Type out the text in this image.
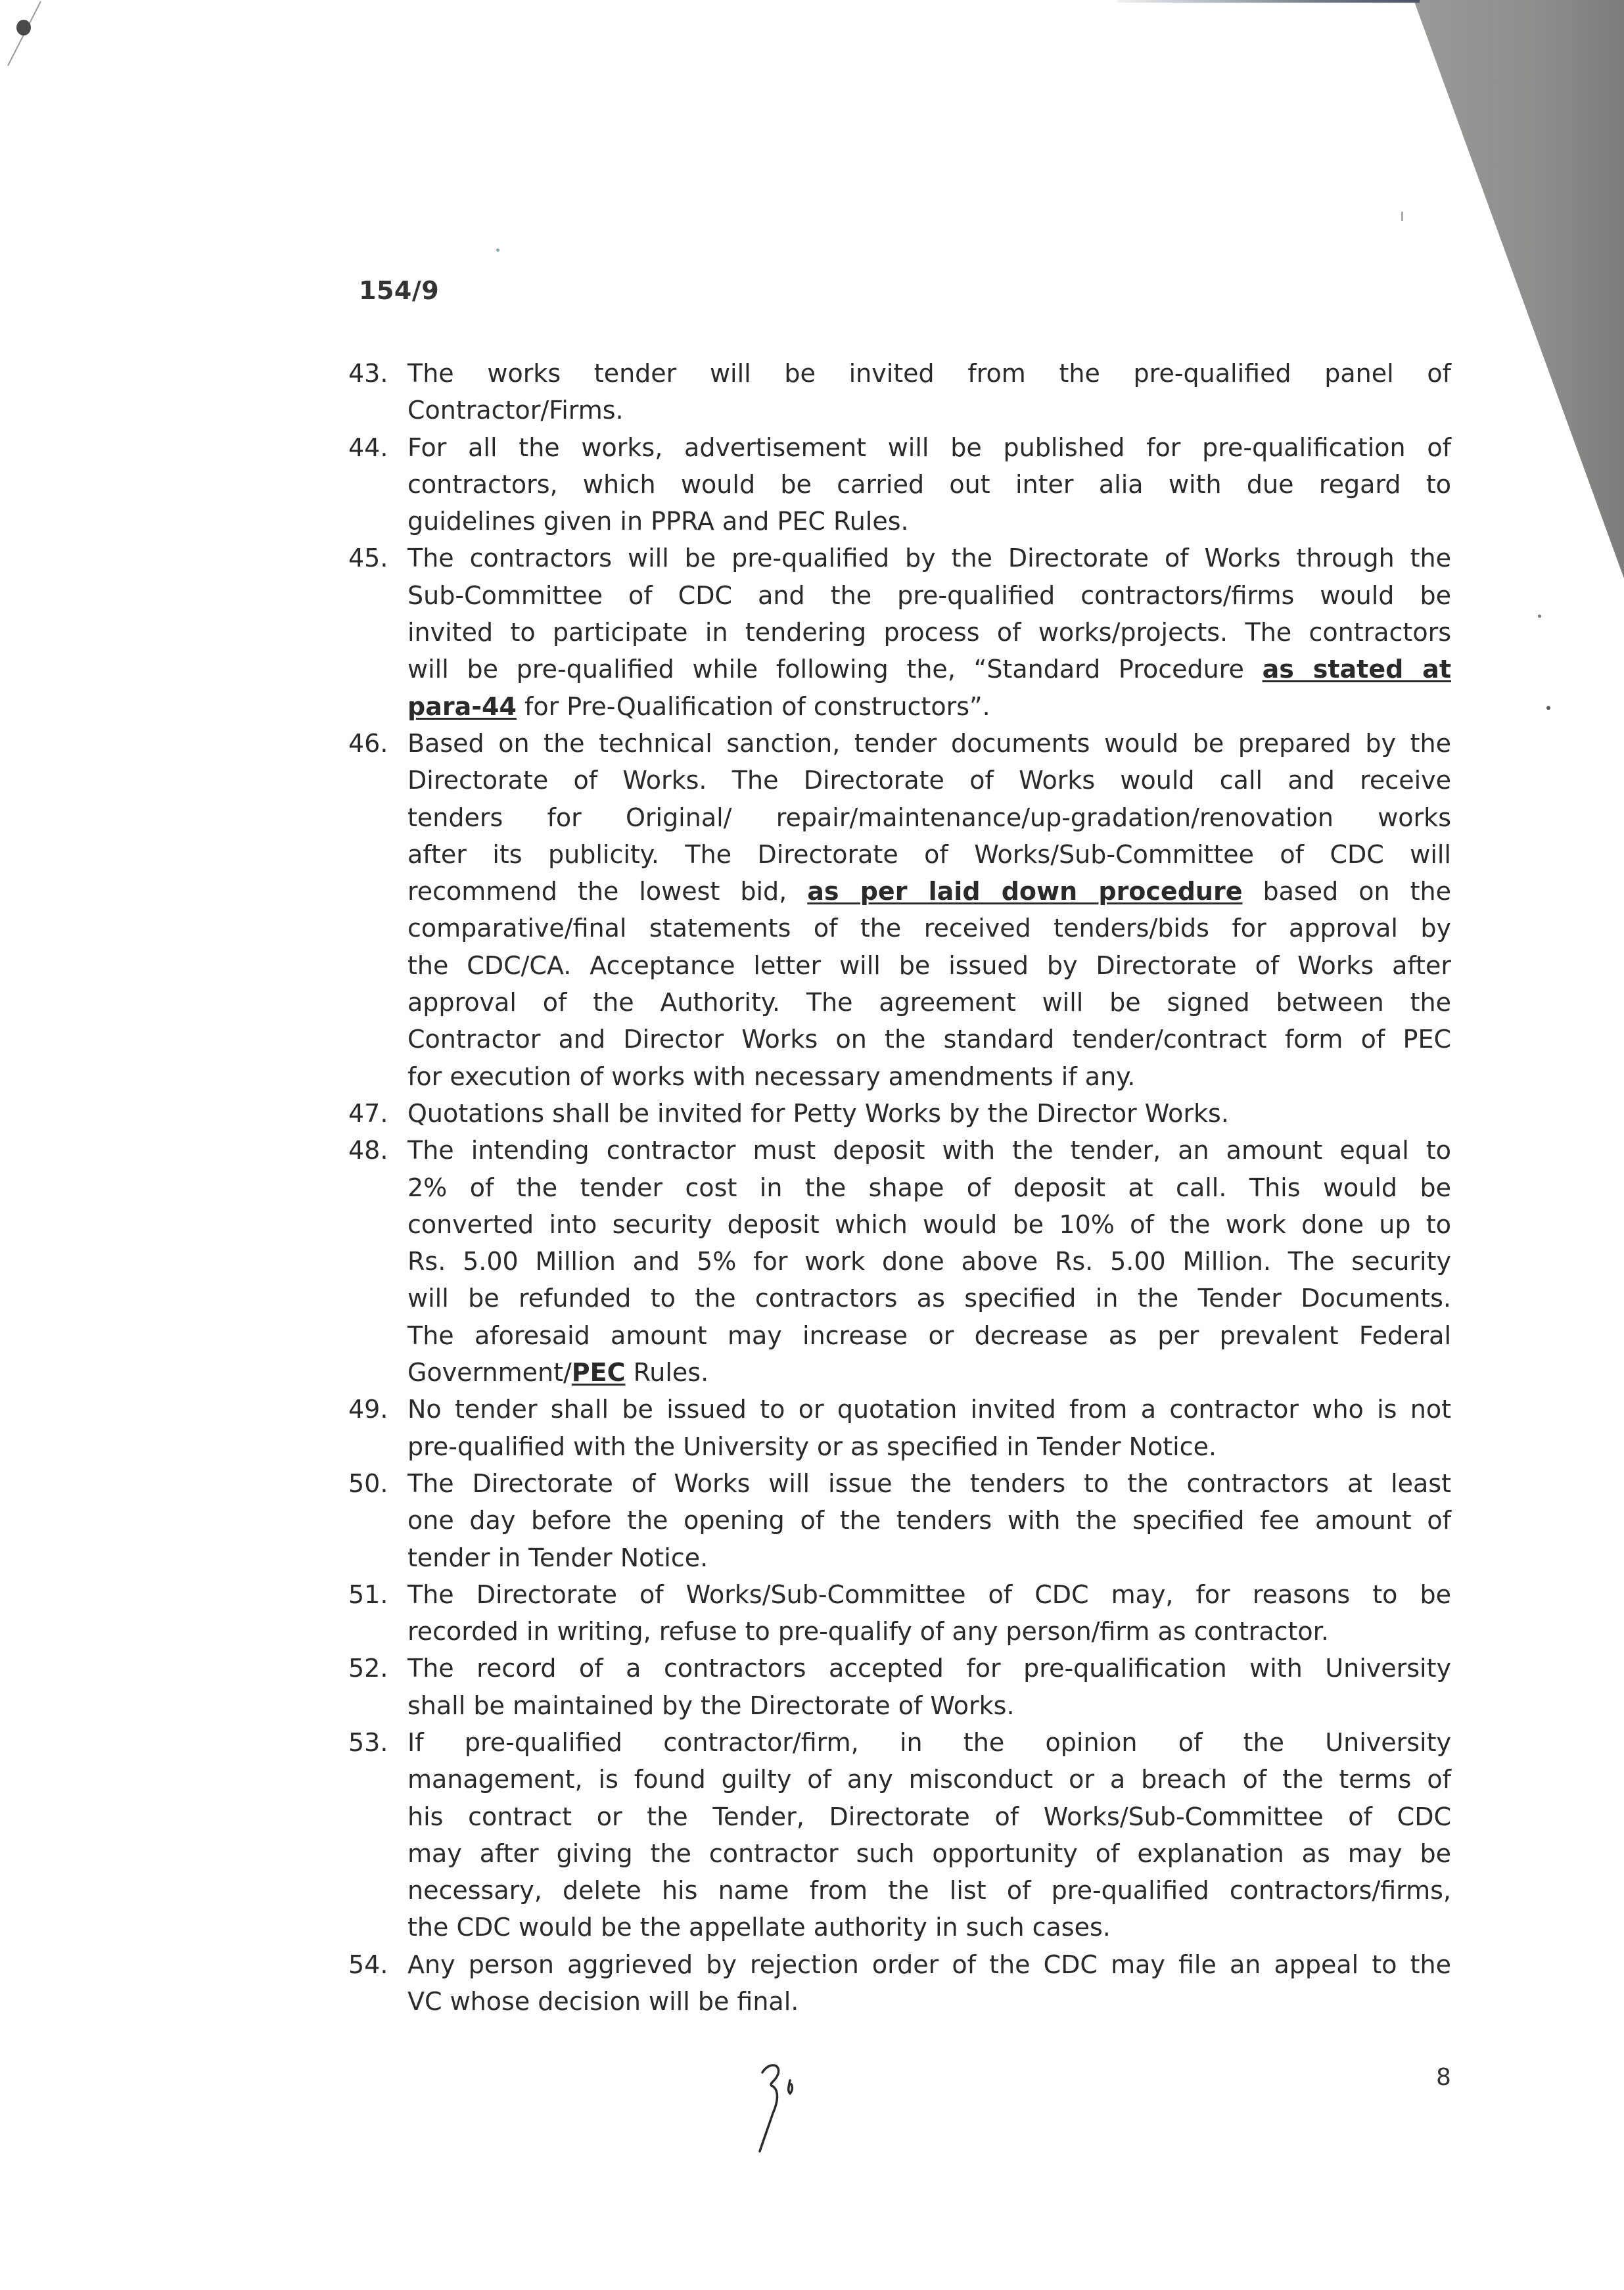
154/9
43. The works tender will be invited from the pre-qualified panel of
Contractor/Firms.
44. For all the works, advertisement will be published for pre-qualification of
contractors, which would be carried out inter alia with due regard to
guidelines given in PPRA and PEC Rules.
45. The contractors will be pre-qualified by the Directorate of Works through the
Sub-Committee of CDC and the pre-qualified contractors/firms would be
invited to participate in tendering process of works/projects. The contractors
will be pre-qualified while following the, “Standard Procedure as stated at
para-44 for Pre-Qualification of constructors”.
46. Based on the technical sanction, tender documents would be prepared by the
Directorate of Works. The Directorate of Works would call and receive
tenders for Original/ repair/maintenance/up-gradation/renovation works
after its publicity. The Directorate of Works/Sub-Committee of CDC will
recommend the lowest bid, as per laid down procedure based on the
comparative/final statements of the received tenders/bids for approval by
the CDC/CA. Acceptance letter will be issued by Directorate of Works after
approval of the Authority. The agreement will be signed between the
Contractor and Director Works on the standard tender/contract form of PEC
for execution of works with necessary amendments if any.
47. Quotations shall be invited for Petty Works by the Director Works.
48. The intending contractor must deposit with the tender, an amount equal to
2% of the tender cost in the shape of deposit at call. This would be
converted into security deposit which would be 10% of the work done up to
Rs. 5.00 Million and 5% for work done above Rs. 5.00 Million. The security
will be refunded to the contractors as specified in the Tender Documents.
The aforesaid amount may increase or decrease as per prevalent Federal
Government/PEC Rules.
49. No tender shall be issued to or quotation invited from a contractor who is not
pre-qualified with the University or as specified in Tender Notice.
50. The Directorate of Works will issue the tenders to the contractors at least
one day before the opening of the tenders with the specified fee amount of
tender in Tender Notice.
51. The Directorate of Works/Sub-Committee of CDC may, for reasons to be
recorded in writing, refuse to pre-qualify of any person/firm as contractor.
52. The record of a contractors accepted for pre-qualification with University
shall be maintained by the Directorate of Works.
53. If pre-qualified contractor/firm, in the opinion of the University
management, is found guilty of any misconduct or a breach of the terms of
his contract or the Tender, Directorate of Works/Sub-Committee of CDC
may after giving the contractor such opportunity of explanation as may be
necessary, delete his name from the list of pre-qualified contractors/firms,
the CDC would be the appellate authority in such cases.
54. Any person aggrieved by rejection order of the CDC may file an appeal to the
VC whose decision will be final.
8
